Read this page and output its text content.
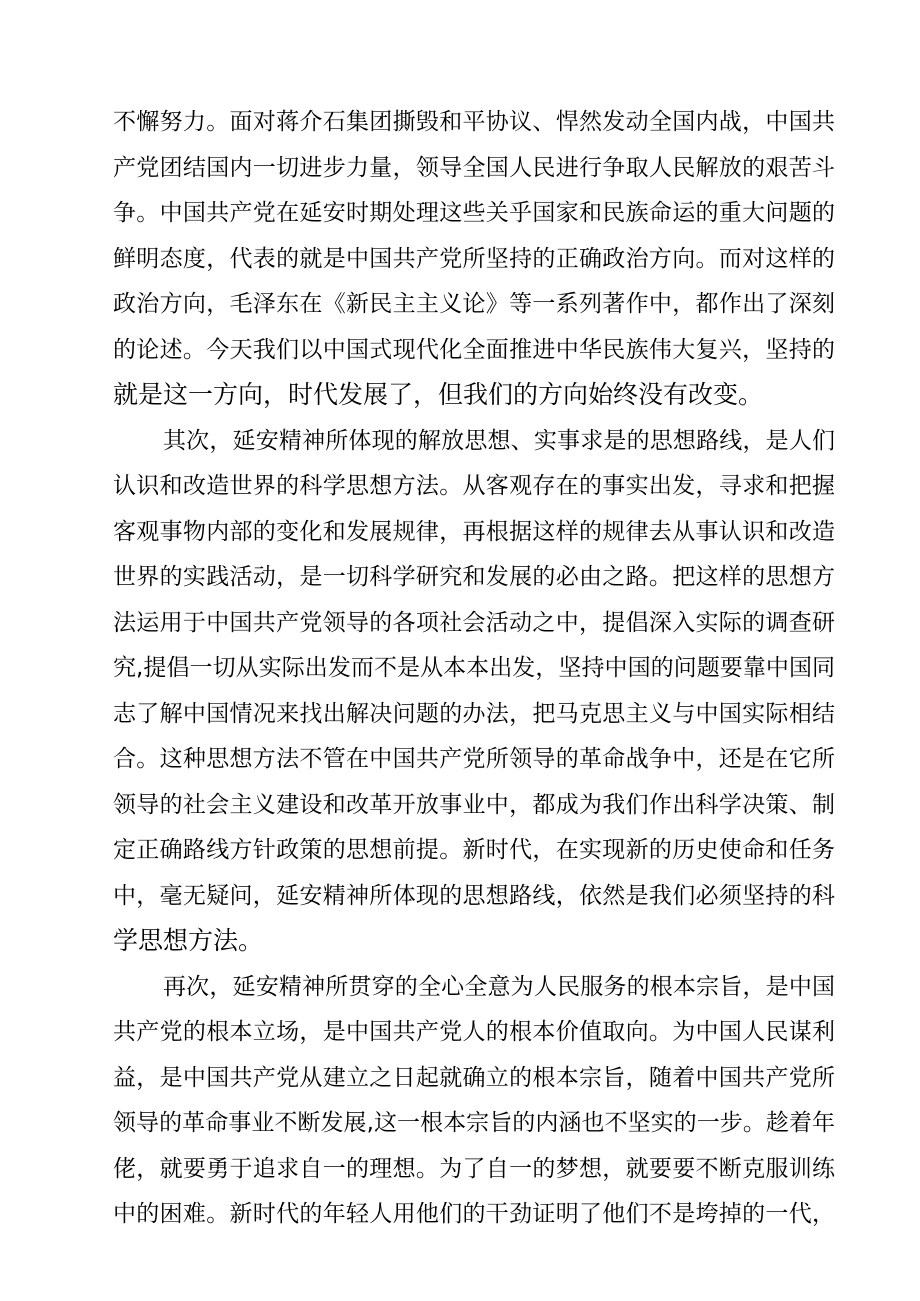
不懈努力。面对蒋介石集团撕毁和平协议、悍然发动全国内战，中国共
产党团结国内一切进步力量，领导全国人民进行争取人民解放的艰苦斗
争。中国共产党在延安时期处理这些关乎国家和民族命运的重大问题的
鲜明态度，代表的就是中国共产党所坚持的正确政治方向。而对这样的
政治方向，毛泽东在《新民主主义论》等一系列著作中，都作出了深刻
的论述。今天我们以中国式现代化全面推进中华民族伟大复兴，坚持的
就是这一方向，时代发展了，但我们的方向始终没有改变。
其次，延安精神所体现的解放思想、实事求是的思想路线，是人们
认识和改造世界的科学思想方法。从客观存在的事实出发，寻求和把握
客观事物内部的变化和发展规律，再根据这样的规律去从事认识和改造
世界的实践活动，是一切科学研究和发展的必由之路。把这样的思想方
法运用于中国共产党领导的各项社会活动之中，提倡深入实际的调查研
究,提倡一切从实际出发而不是从本本出发，坚持中国的问题要靠中国同
志了解中国情况来找出解决问题的办法，把马克思主义与中国实际相结
合。这种思想方法不管在中国共产党所领导的革命战争中，还是在它所
领导的社会主义建设和改革开放事业中，都成为我们作出科学决策、制
定正确路线方针政策的思想前提。新时代，在实现新的历史使命和任务
中，毫无疑问，延安精神所体现的思想路线，依然是我们必须坚持的科
学思想方法。
再次，延安精神所贯穿的全心全意为人民服务的根本宗旨，是中国
共产党的根本立场，是中国共产党人的根本价值取向。为中国人民谋利
益，是中国共产党从建立之日起就确立的根本宗旨，随着中国共产党所
领导的革命事业不断发展,这一根本宗旨的内涵也不坚实的一步。趁着年
佬，就要勇于追求自一的理想。为了自一的梦想，就要要不断克服训练
中的困难。新时代的年轻人用他们的干劲证明了他们不是垮掉的一代，
